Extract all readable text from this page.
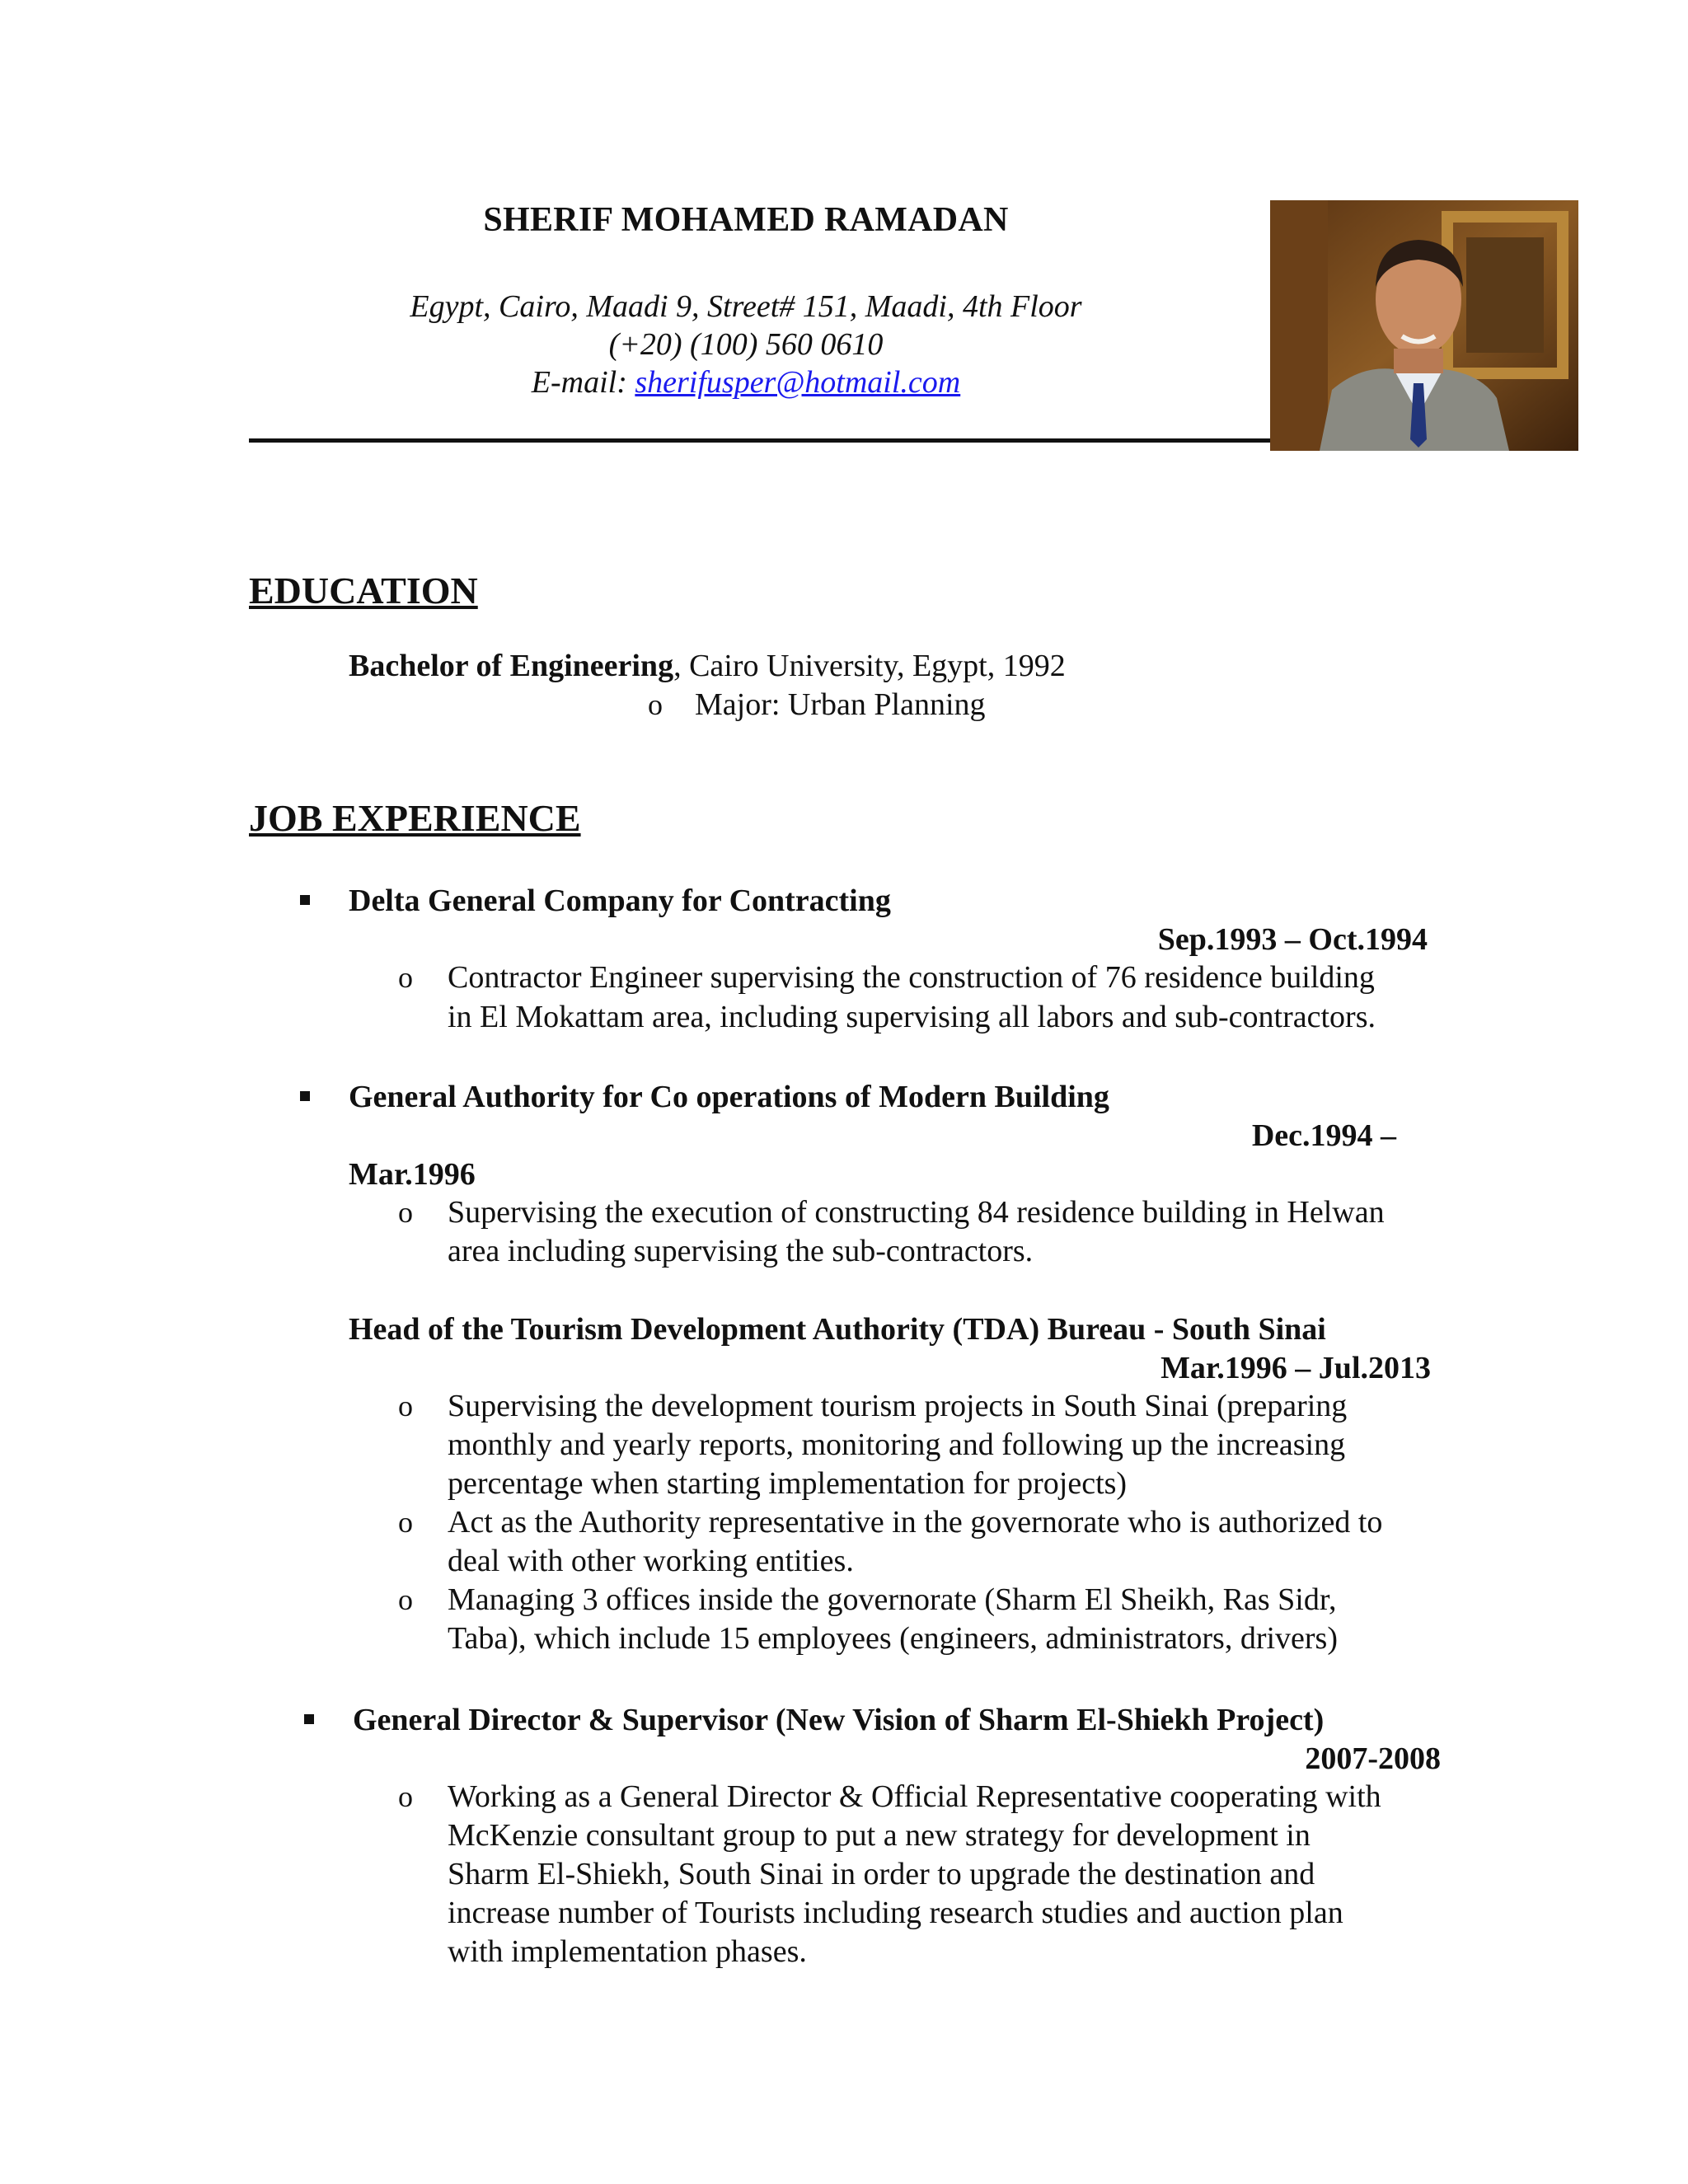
SHERIF MOHAMED RAMADAN
Egypt, Cairo, Maadi 9, Street# 151, Maadi, 4th Floor
(+20) (100) 560 0610
E-mail: sherifusper@hotmail.com
EDUCATION
Bachelor of Engineering, Cairo University, Egypt, 1992
o Major: Urban Planning
JOB EXPERIENCE
Delta General Company for Contracting
Sep.1993 – Oct.1994
o Contractor Engineer supervising the construction of 76 residence building
in El Mokattam area, including supervising all labors and sub-contractors.
General Authority for Co operations of Modern Building
Dec.1994 –
Mar.1996
o Supervising the execution of constructing 84 residence building in Helwan
area including supervising the sub-contractors.
Head of the Tourism Development Authority (TDA) Bureau - South Sinai
Mar.1996 – Jul.2013
o Supervising the development tourism projects in South Sinai (preparing
monthly and yearly reports, monitoring and following up the increasing
percentage when starting implementation for projects)
o Act as the Authority representative in the governorate who is authorized to
deal with other working entities.
o Managing 3 offices inside the governorate (Sharm El Sheikh, Ras Sidr,
Taba), which include 15 employees (engineers, administrators, drivers)
General Director & Supervisor (New Vision of Sharm El-Shiekh Project)
2007-2008
o Working as a General Director & Official Representative cooperating with
McKenzie consultant group to put a new strategy for development in
Sharm El-Shiekh, South Sinai in order to upgrade the destination and
increase number of Tourists including research studies and auction plan
with implementation phases.
